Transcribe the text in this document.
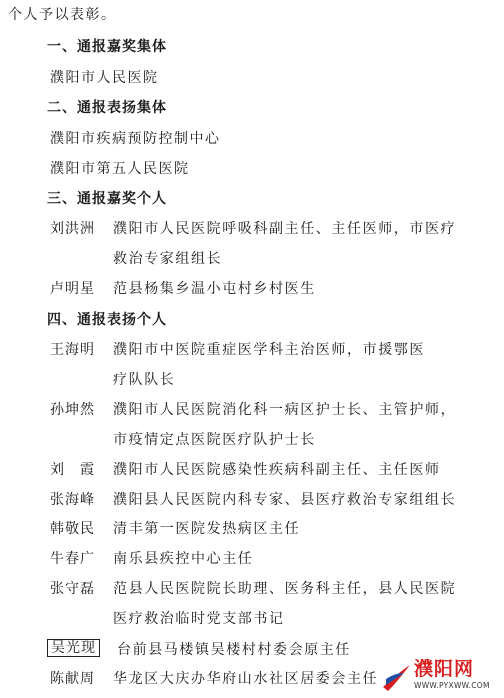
个人予以表彰。
一、通报嘉奖集体
濮阳市人民医院
二、通报表扬集体
濮阳市疾病预防控制中心
濮阳市第五人民医院
三、通报嘉奖个人
刘洪洲 濮阳市人民医院呼吸科副主任、主任医师，市医疗
救治专家组组长
卢明星 范县杨集乡温小屯村乡村医生
四、通报表扬个人
王海明 濮阳市中医院重症医学科主治医师，市援鄂医
疗队队长
孙坤然 濮阳市人民医院消化科一病区护士长、主管护师，
市疫情定点医院医疗队护士长
刘　霞 濮阳市人民医院感染性疾病科副主任、主任医师
张海峰 濮阳县人民医院内科专家、县医疗救治专家组组长
韩敬民 清丰第一医院发热病区主任
牛春广 南乐县疾控中心主任
张守磊 范县人民医院院长助理、医务科主任，县人民医院
医疗救治临时党支部书记
吴光现 台前县马楼镇吴楼村村委会原主任
陈献周 华龙区大庆办华府山水社区居委会主任 濮阳网
WWW.PYXWW.COM
